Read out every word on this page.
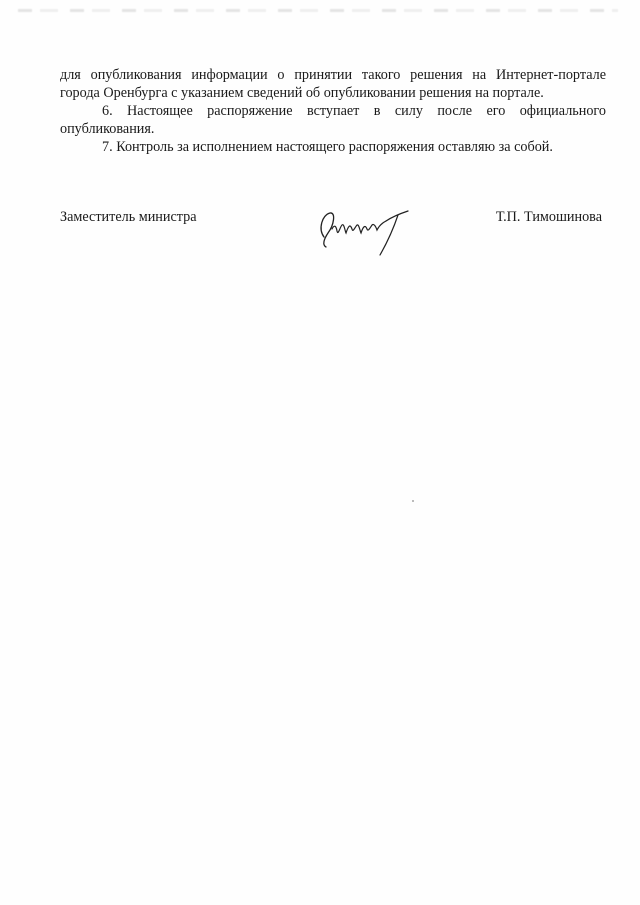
для опубликования информации о принятии такого решения на Интернет-портале
города Оренбурга с указанием сведений об опубликовании решения на портале.
6. Настоящее распоряжение вступает в силу после его официального
опубликования.
7. Контроль за исполнением настоящего распоряжения оставляю за собой.
Заместитель министра	Т.П. Тимошинова
